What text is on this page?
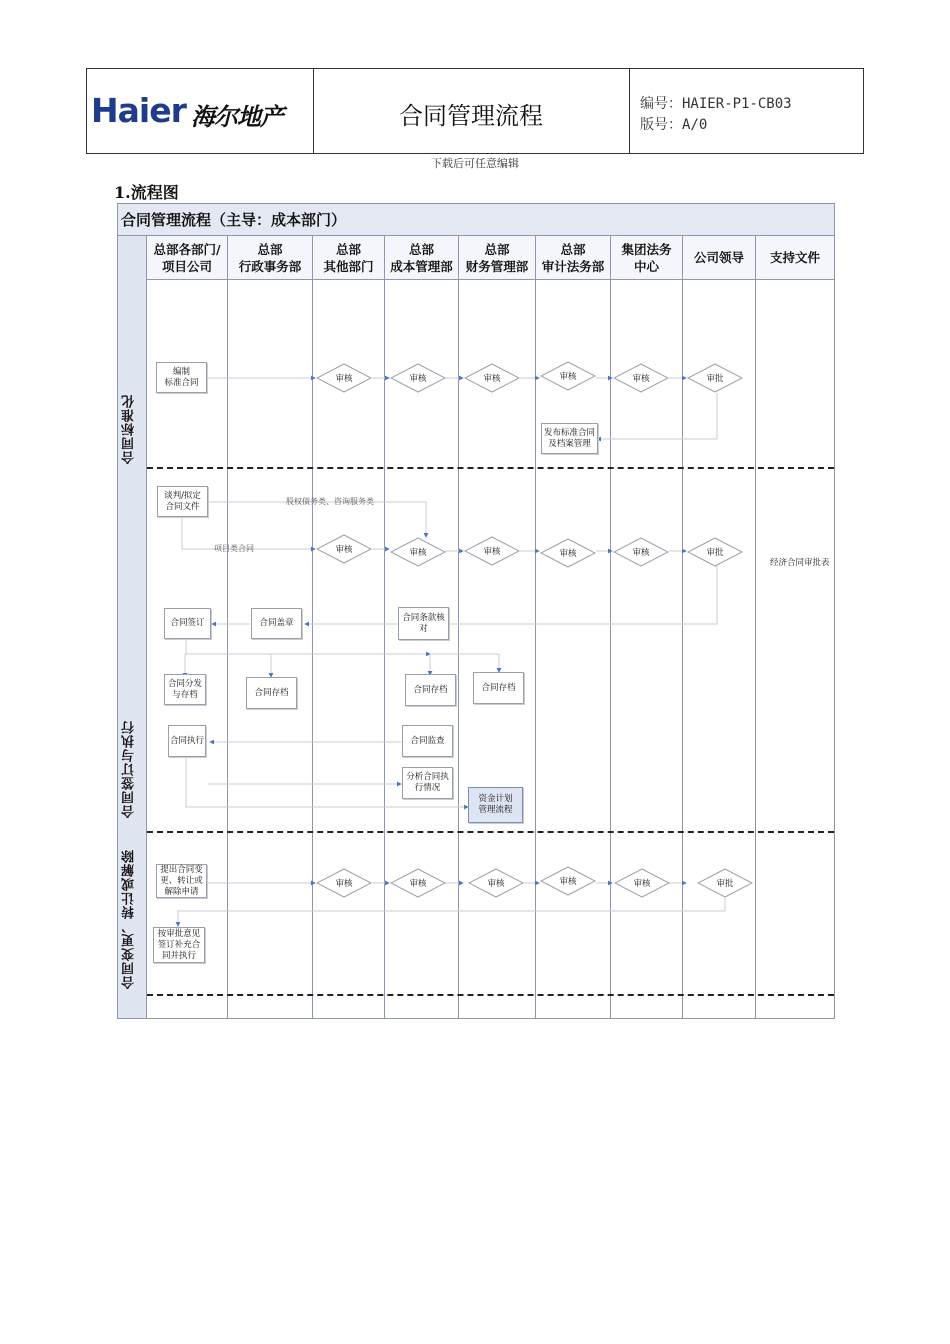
Haier 海尔地产	合同管理流程	编号：HAIER-P1-CB03
版号：A/0
下载后可任意编辑
1.流程图
合同管理流程（主导：成本部门）
总部各部门/
项目公司
总部
行政事务部
总部
其他部门
总部
成本管理部
总部
财务管理部
总部
审计法务部
集团法务
中心
公司领导	支持文件
合同标准化
合同签订与执行
合同变更、转让或解除
编制
标准合同	审核	审核	审核	审核	审核	审批
发布标准合同
及档案管理
谈判/拟定
合同文件	股权债务类、咨询服务类
项目类合同	审核	审核	审核	审核	审核	审批
经济合同审批表
合同签订	合同盖章
合同条款核
对
合同分发
与存档	合同存档	合同存档	合同存档
合同执行	合同监查
分析合同执
行情况
资金计划
管理流程
提出合同变
更、转让或
解除申请
审核	审核	审核	审核	审核	审批
按审批意见
签订补充合
同并执行
